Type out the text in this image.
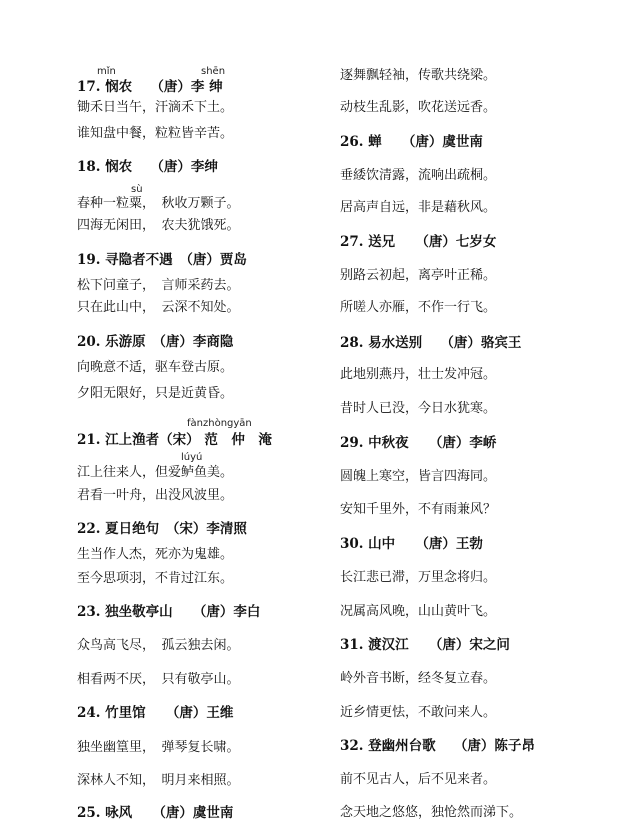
17. 悯农　 （唐）李 绅
mǐn	shēn
锄禾日当午，汗滴禾下土。
谁知盘中餐，粒粒皆辛苦。
18. 悯农　 （唐）李绅
春种一粒粟，　秋收万颗子。
sù
四海无闲田，　农夫犹饿死。
19. 寻隐者不遇　（唐）贾岛
松下问童子，　言师采药去。
只在此山中，　云深不知处。
20. 乐游原　（唐）李商隐
向晚意不适，驱车登古原。
夕阳无限好，只是近黄昏。
21. 江上渔者（宋） 范　仲　淹
fànzhòngyān
江上往来人，但爱鲈鱼美。
lúyú
君看一叶舟，出没风波里。
22. 夏日绝句　（宋）李清照
生当作人杰，死亦为鬼雄。
至今思项羽，不肯过江东。
23. 独坐敬亭山　　（唐）李白
众鸟高飞尽，　孤云独去闲。
相看两不厌，　只有敬亭山。
24. 竹里馆　　（唐）王维
独坐幽篁里，　弹琴复长啸。
深林人不知，　明月来相照。
25. 咏风　　（唐）虞世南
逐舞飘轻袖，传歌共绕梁。
动枝生乱影，吹花送远香。
26. 蝉　　（唐）虞世南
垂緌饮清露，流响出疏桐。
居高声自远，非是藉秋风。
27. 送兄　　（唐）七岁女
别路云初起，离亭叶正稀。
所嗟人亦雁，不作一行飞。
28. 易水送别　 （唐）骆宾王
此地别燕丹，壮士发冲冠。
昔时人已没，今日水犹寒。
29. 中秋夜　　（唐）李峤
圆魄上寒空，皆言四海同。
安知千里外，不有雨兼风？
30. 山中　　（唐）王勃
长江悲已滞，万里念将归。
况属高风晚，山山黄叶飞。
31. 渡汉江　　（唐）宋之问
岭外音书断，经冬复立春。
近乡情更怯，不敢问来人。
32. 登幽州台歌　 （唐）陈子昂
前不见古人，后不见来者。
念天地之悠悠，独怆然而涕下。
